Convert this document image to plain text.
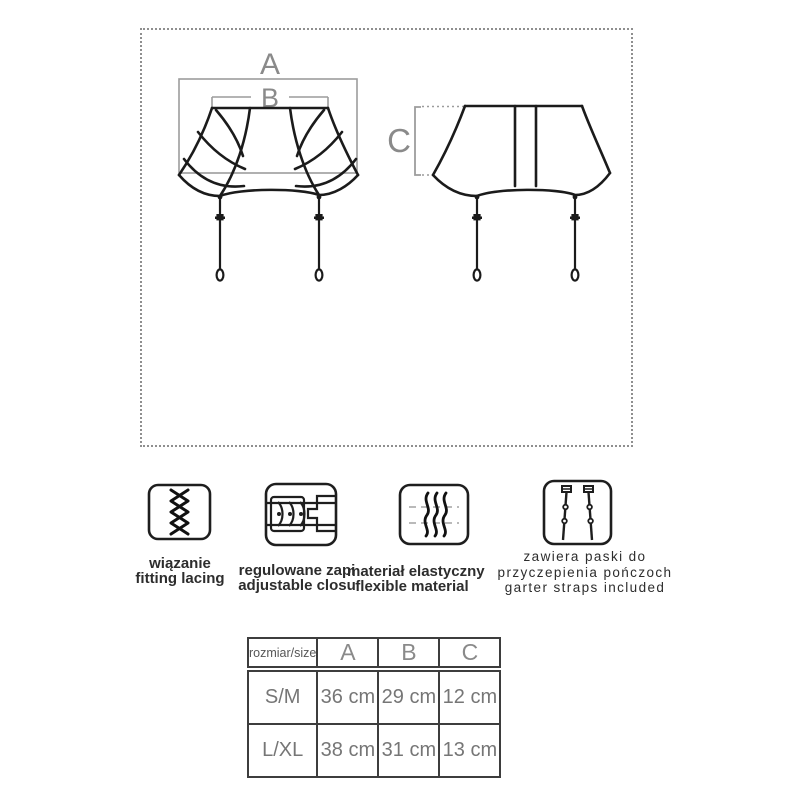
A
B
C
wiązanie
fitting lacing regulowane zapi
adjustable closu
materiał elastyczny
flexible material
zawiera paski do
przyczepienia pończoch
garter straps included
rozmiar/size	A	B	C
S/M	36 cm	29 cm	12 cm
L/XL	38 cm	31 cm	13 cm
